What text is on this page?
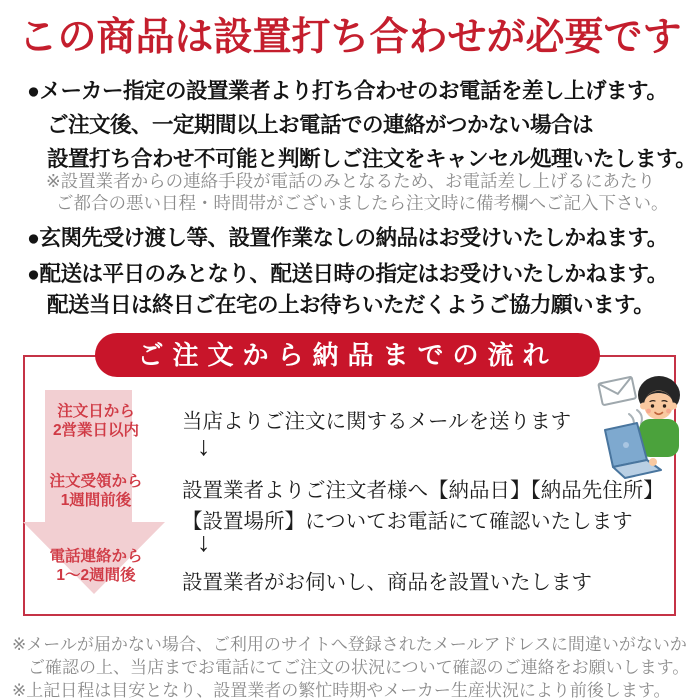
この商品は設置打ち合わせが必要です

●メーカー指定の設置業者より打ち合わせのお電話を差し上げます。

ご注文後、一定期間以上お電話での連絡がつかない場合は

設置打ち合わせ不可能と判断しご注文をキャンセル処理いたします。

※設置業者からの連絡手段が電話のみとなるため、お電話差し上げるにあたり

ご都合の悪い日程・時間帯がございましたら注文時に備考欄へご記入下さい。

●玄関先受け渡し等、設置作業なしの納品はお受けいたしかねます。

●配送は平日のみとなり、配送日時の指定はお受けいたしかねます。

配送当日は終日ご在宅の上お待ちいただくようご協力願います。

ご注文から納品までの流れ
注文日から
2営業日以内
注文受領から
1週間前後
電話連絡から
1〜2週間後

当店よりご注文に関するメールを送ります

↓

設置業者よりご注文者様へ【納品日】【納品先住所】

【設置場所】についてお電話にて確認いたします

↓

設置業者がお伺いし、商品を設置いたします

※メールが届かない場合、ご利用のサイトへ登録されたメールアドレスに間違いがないか

ご確認の上、当店までお電話にてご注文の状況について確認のご連絡をお願いします。

※上記日程は目安となり、設置業者の繁忙時期やメーカー生産状況により前後します。
